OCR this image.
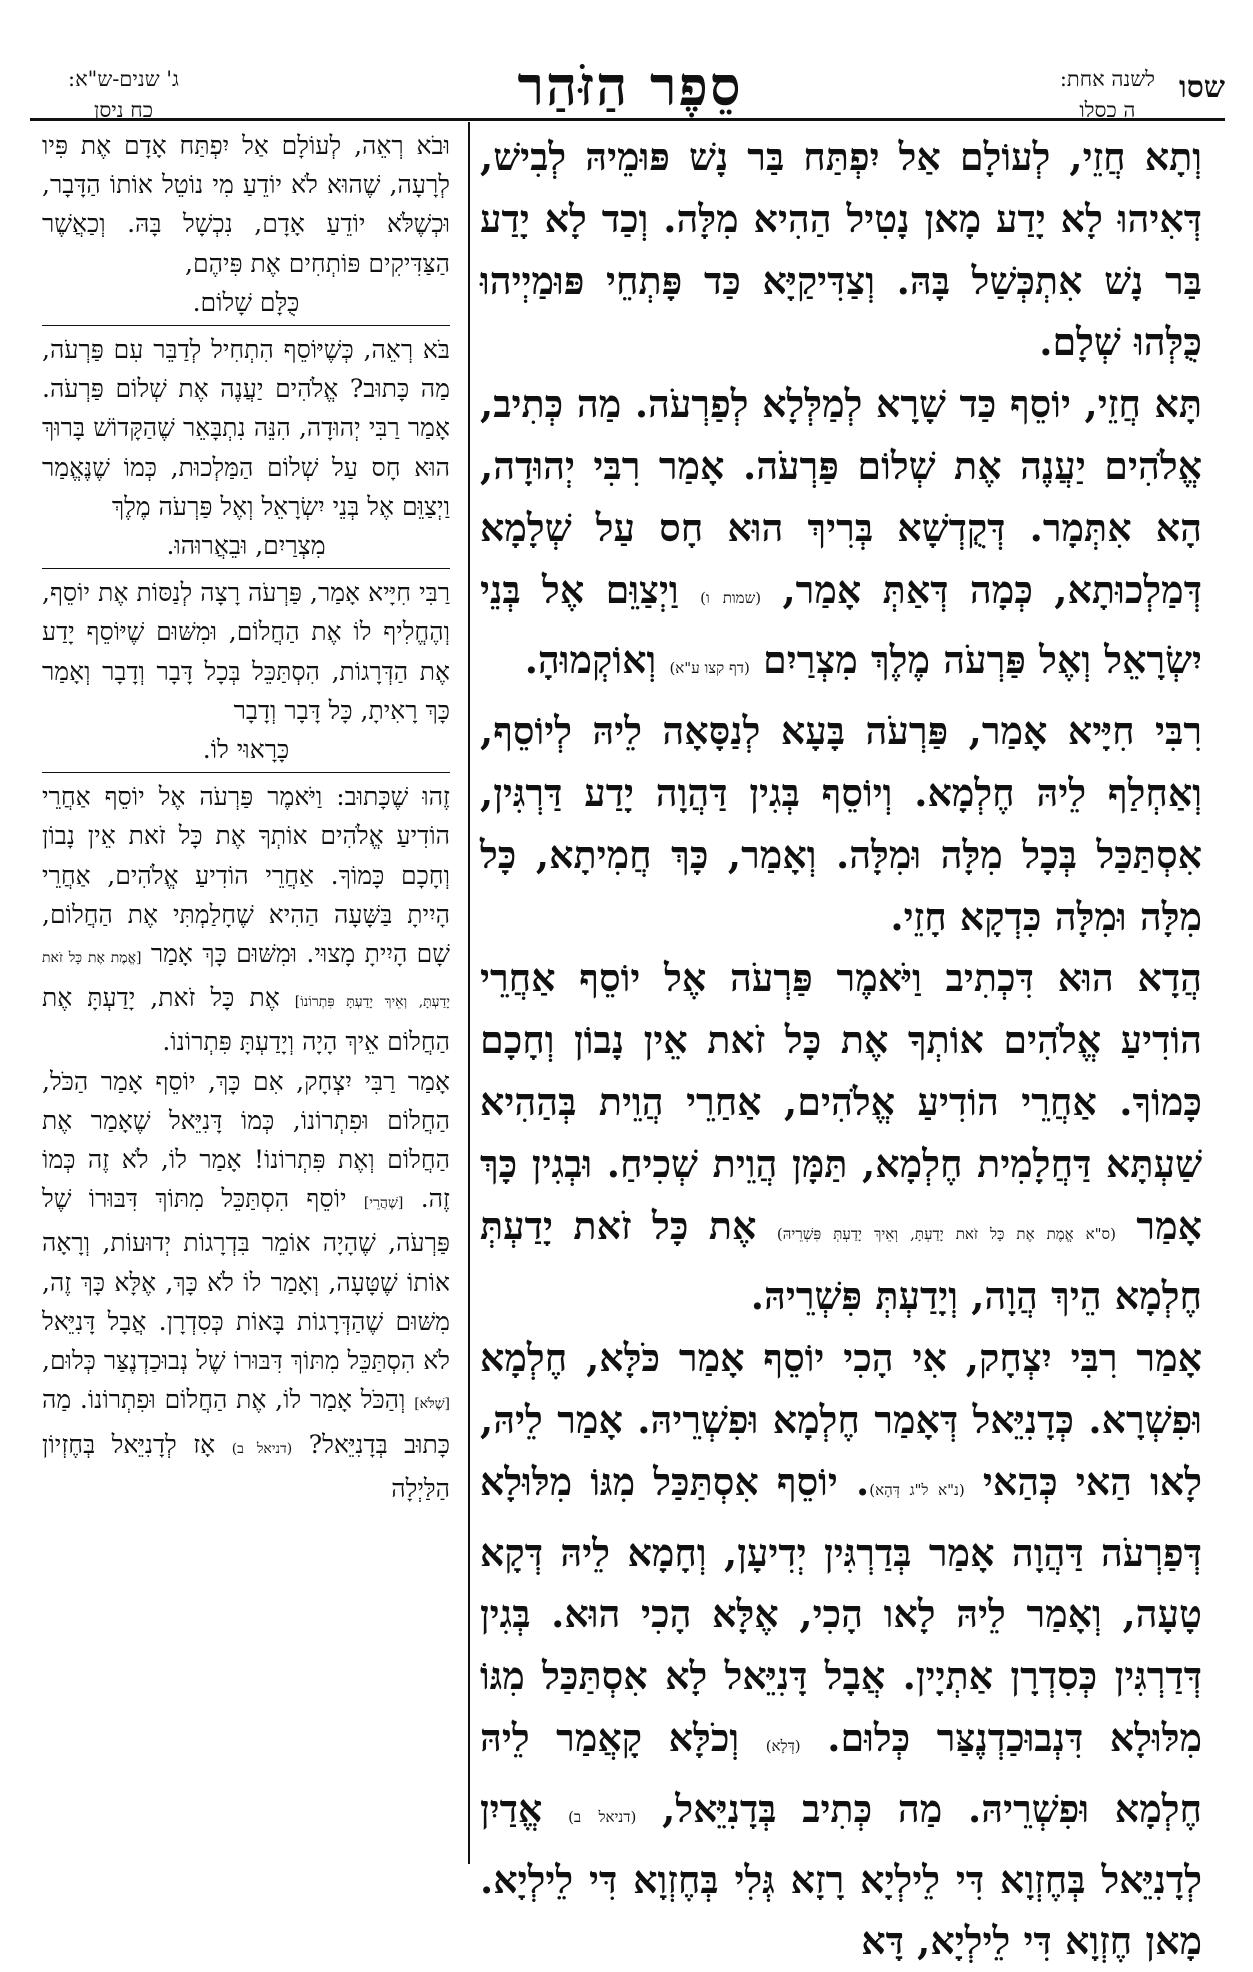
שסו
לשנה אחת:
ה כסלו
סֵפֶר הַזֹּהַר
ג' שנים-ש"א:
כח ניסן

וְתָא חֲזֵי, לְעוֹלָם אַל יִפְתַּח בַּר נָשׁ פּוּמֵיהּ לְבִישׁ, דְּאִיהוּ לָא יָדַע מָאן נָטִיל הַהִיא מִלָּה. וְכַד לָא יָדַע בַּר נָשׁ אִתְכְּשַׁל בָּהּ. וְצַדִּיקַיָּא כַּד פָּתְחֵי פּוּמַיְיהוּ כֻּלְּהוּ שְׁלָם.

תָּא חֲזֵי, יוֹסֵף כַּד שָׁרָא לְמַלְּלָא לְפַרְעֹה. מַה כְּתִיב, אֱלֹהִים יַעֲנֶה אֶת שְׁלוֹם פַּרְעֹה. אָמַר רִבִּי יְהוּדָה, הָא אִתְּמָר. דְּקֻדְשָׁא בְּרִיךְ הוּא חָס עַל שְׁלָמָא דְּמַלְכוּתָא, כְּמָה דְּאַתְּ אָמַר, (שמות ו) וַיְצַוֵּם אֶל בְּנֵי יִשְׂרָאֵל וְאֶל פַּרְעֹה מֶלֶךְ מִצְרַיִם (דף קצו ע"א) וְאוֹקְמוּהָ.

רִבִּי חִיָּיא אָמַר, פַּרְעֹה בָּעָא לְנַסָּאָה לֵיהּ לְיוֹסֵף, וְאַחְלַף לֵיהּ חֶלְמָא. וְיוֹסֵף בְּגִין דַּהֲוָה יָדַע דַּרְגִּין, אִסְתַּכַּל בְּכָל מִלָּה וּמִלָּה. וְאָמַר, כָּךְ חֲמִיתָא, כָּל מִלָּה וּמִלָּה כִּדְקָא חָזֵי.

הֲדָא הוּא דִּכְתִיב וַיֹּאמֶר פַּרְעֹה אֶל יוֹסֵף אַחֲרֵי הוֹדִיעַ אֱלֹהִים אוֹתְךָ אֶת כָּל זֹאת אֵין נָבוֹן וְחָכָם כָּמוֹךָ. אַחֲרֵי הוֹדִיעַ אֱלֹהִים, אַחַרֵי הֲוֵית בְּהַהִיא שַׁעְתָּא דַּחֲלָמִית חֶלְמָא, תַּמָּן הֲוֵית שְׁכִיחַ. וּבְגִין כָּךְ אָמַר (ס"א אֱמֶת אֶת כָּל זֹאת יָדַעְתָּ, וְאֵיךְ יָדַעְתְּ פִּשְׁרֵיהּ) אֶת כָּל זֹאת יָדַעְתְּ חֶלְמָא הֵיךְ הֲוָה, וְיָדַעְתְּ פִּשְׁרֵיהּ.

אָמַר רִבִּי יִצְחָק, אִי הָכִי יוֹסֵף אָמַר כֹּלָּא, חֶלְמָא וּפִשְׁרָא. כְּדָנִיֵּאל דְּאָמַר חֶלְמָא וּפִשְׁרֵיהּ. אָמַר לֵיהּ, לָאו הַאי כְּהַאי (נ"א ל"ג דְּהָא). יוֹסֵף אִסְתַּכַּל מִגּוֹ מִלּוּלָא דְּפַרְעֹה דַּהֲוָה אָמַר בְּדַרְגִּין יְדִיעָן, וְחָמָא לֵיהּ דְּקָא טָעָה, וְאָמַר לֵיהּ לָאו הָכִי, אֶלָּא הָכִי הוּא. בְּגִין דְּדַרְגִּין כְּסִדְרָן אַתְיָין. אֲבָל דָּנִיֵּאל לָא אִסְתַּכַּל מִגּוֹ מִלּוּלָא דִּנְבוּכַדְנֶצַּר כְּלוּם. (דְּלָא) וְכֹלָּא קָאֲמַר לֵיהּ חֶלְמָא וּפִשְׁרֵיהּ. מַה כְּתִיב בְּדָנִיֵּאל, (דניאל ב) אֱדַיִן לְדָנִיֵּאל בְּחֶזְוָא דִּי לֵילְיָא רָזָא גְּלִי בְּחֶזְוָא דִּי לֵילְיָא. מָאן חֶזְוָא דִּי לֵילְיָא, דָּא

וּבֹא רְאֵה, לְעוֹלָם אַל יִפְתַּח אָדָם אֶת פִּיו לְרָעָה, שֶׁהוּא לֹא יוֹדֵעַ מִי נוֹטֵל אוֹתוֹ הַדָּבָר, וּכְשֶׁלֹּא יוֹדֵעַ אָדָם, נִכְשָׁל בָּהּ. וְכַאֲשֶׁר הַצַּדִּיקִים פּוֹתְחִים אֶת פִּיהֶם,

כֻּלָּם שָׁלוֹם.

בֹּא רְאֵה, כְּשֶׁיּוֹסֵף הִתְחִיל לְדַבֵּר עִם פַּרְעֹה, מַה כָּתוּב? אֱלֹהִים יַעֲנֶה אֶת שְׁלוֹם פַּרְעֹה. אָמַר רַבִּי יְהוּדָה, הִנֵּה נִתְבָּאֵר שֶׁהַקָּדוֹשׁ בָּרוּךְ הוּא חָס עַל שְׁלוֹם הַמַּלְכוּת, כְּמוֹ שֶׁנֶּאֱמַר וַיְצַוֵּם אֶל בְּנֵי יִשְׂרָאֵל וְאֶל פַּרְעֹה מֶלֶךְ

מִצְרַיִם, וּבֵאֲרוּהוּ.

רַבִּי חִיָּיא אָמַר, פַּרְעֹה רָצָה לְנַסּוֹת אֶת יוֹסֵף, וְהֶחֱלִיף לוֹ אֶת הַחֲלוֹם, וּמִשּׁוּם שֶׁיּוֹסֵף יָדַע אֶת הַדְּרָגוֹת, הִסְתַּכֵּל בְּכָל דָּבָר וְדָבָר וְאָמַר כָּךְ רָאִיתָ, כָּל דָּבָר וְדָבָר

כָּרָאוּי לוֹ.

זֶהוּ שֶׁכָּתוּב: וַיֹּאמֶר פַּרְעֹה אֶל יוֹסֵף אַחֲרֵי הוֹדִיעַ אֱלֹהִים אוֹתְךָ אֶת כָּל זֹאת אֵין נָבוֹן וְחָכָם כָּמוֹךָ. אַחֲרֵי הוֹדִיעַ אֱלֹהִים, אַחֲרֵי הָיִיתָ בַּשָּׁעָה הַהִיא שֶׁחָלַמְתִּי אֶת הַחֲלוֹם, שָׁם הָיִיתָ מָצוּי. וּמִשּׁוּם כָּךְ אָמַר [אֱמֶת אֶת כָּל זֹאת יָדַעְתָּ, וְאֵיךְ יָדַעְתָּ פִּתְרוֹנוֹ] אֶת כָּל זֹאת, יָדַעְתָּ אֶת הַחֲלוֹם אֵיךְ הָיָה וְיָדַעְתָּ פִּתְרוֹנוֹ.

אָמַר רַבִּי יִצְחָק, אִם כָּךְ, יוֹסֵף אָמַר הַכֹּל, הַחֲלוֹם וּפִתְרוֹנוֹ, כְּמוֹ דָּנִיֵּאל שֶׁאָמַר אֶת הַחֲלוֹם וְאֶת פִּתְרוֹנוֹ! אָמַר לוֹ, לֹא זֶה כְּמוֹ זֶה. [שֶׁהֲרֵי] יוֹסֵף הִסְתַּכֵּל מִתּוֹךְ דִּבּוּרוֹ שֶׁל פַּרְעֹה, שֶׁהָיָה אוֹמֵר בִּדְרָגוֹת יְדוּעוֹת, וְרָאָה אוֹתוֹ שֶׁטָּעָה, וְאָמַר לוֹ לֹא כָּךְ, אֶלָּא כָּךְ זֶה, מִשּׁוּם שֶׁהַדְּרָגוֹת בָּאוֹת כְּסִדְרָן. אֲבָל דָּנִיֵּאל לֹא הִסְתַּכֵּל מִתּוֹךְ דִּבּוּרוֹ שֶׁל נְבוּכַדְנֶצַּר כְּלוּם, [שֶׁלֹּא] וְהַכֹּל אָמַר לוֹ, אֶת הַחֲלוֹם וּפִתְרוֹנוֹ. מַה כָּתוּב בְּדָנִיֵּאל? (דניאל ב) אָז לְדָנִיֵּאל בְּחֶזְיוֹן הַלַּיְלָה
